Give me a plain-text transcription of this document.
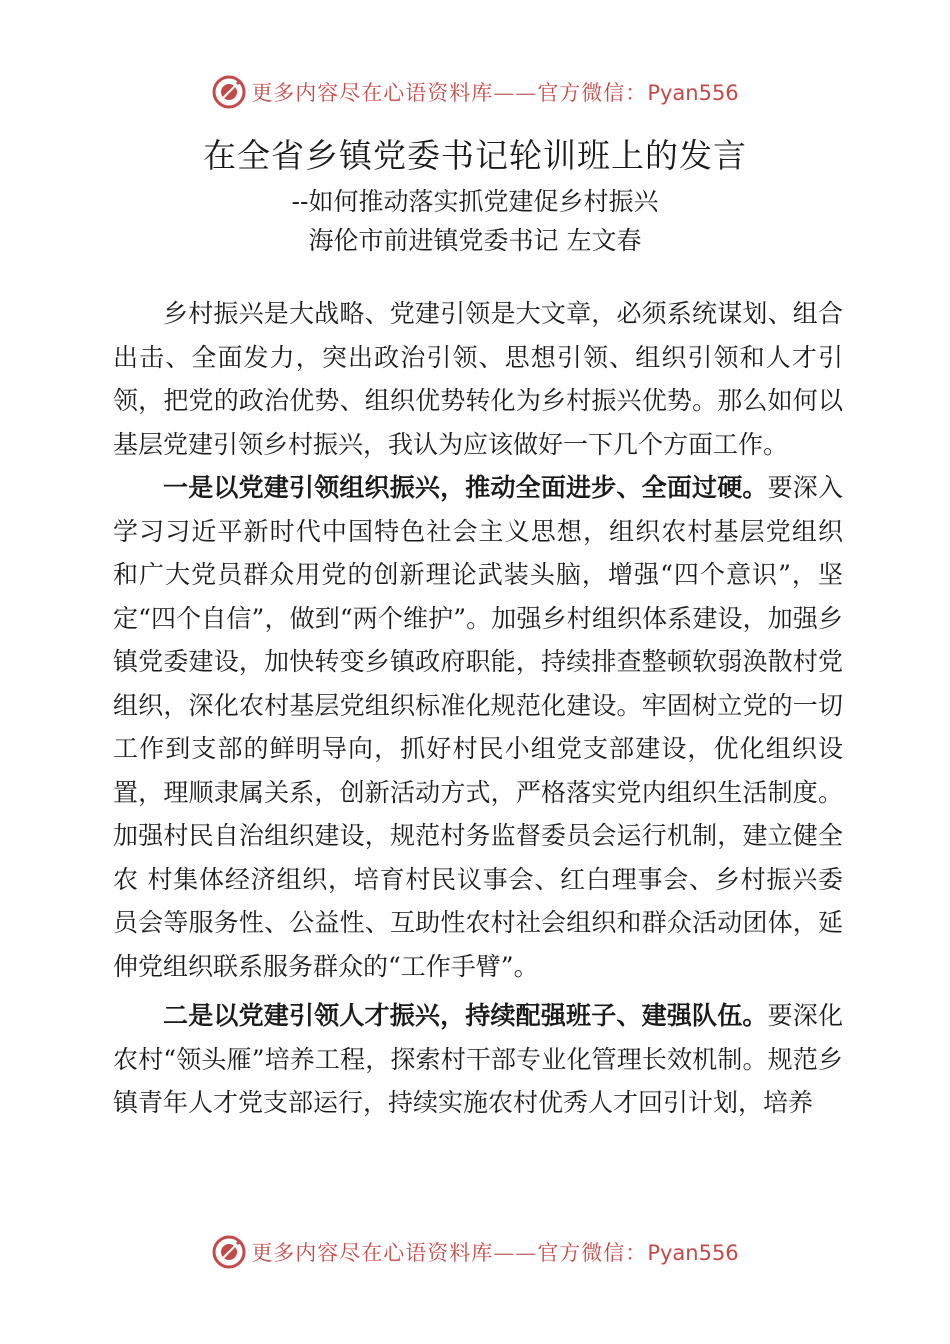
更多内容尽在心语资料库——官方微信：Pyan556
在全省乡镇党委书记轮训班上的发言
--如何推动落实抓党建促乡村振兴
海伦市前进镇党委书记 左文春

乡村振兴是大战略、党建引领是大文章，必须系统谋划、组合出击、全面发力，突出政治引领、思想引领、组织引领和人才引领，把党的政治优势、组织优势转化为乡村振兴优势。那么如何以基层党建引领乡村振兴，我认为应该做好一下几个方面工作。

一是以党建引领组织振兴，推动全面进步、全面过硬。要深入学习习近平新时代中国特色社会主义思想，组织农村基层党组织 和广大党员群众用党的创新理论武装头脑，增强“四个意识”，坚定“四个自信”，做到“两个维护”。加强乡村组织体系建设，加强乡镇党委建设，加快转变乡镇政府职能，持续排查整顿软弱涣散村党组织，深化农村基层党组织标准化规范化建设。牢固树立党的一切工作到支部的鲜明导向，抓好村民小组党支部建设，优化组织设 置，理顺隶属关系，创新活动方式，严格落实党内组织生活制度。加强村民自治组织建设，规范村务监督委员会运行机制，建立健全农 村集体经济组织，培育村民议事会、红白理事会、乡村振兴委员会等服务性、公益性、互助性农村社会组织和群众活动团体，延伸党组织联系服务群众的“工作手臂”。

二是以党建引领人才振兴，持续配强班子、建强队伍。要深化农村“领头雁”培养工程，探索村干部专业化管理长效机制。规范乡镇青年人才党支部运行，持续实施农村优秀人才回引计划，培养

更多内容尽在心语资料库——官方微信：Pyan556
